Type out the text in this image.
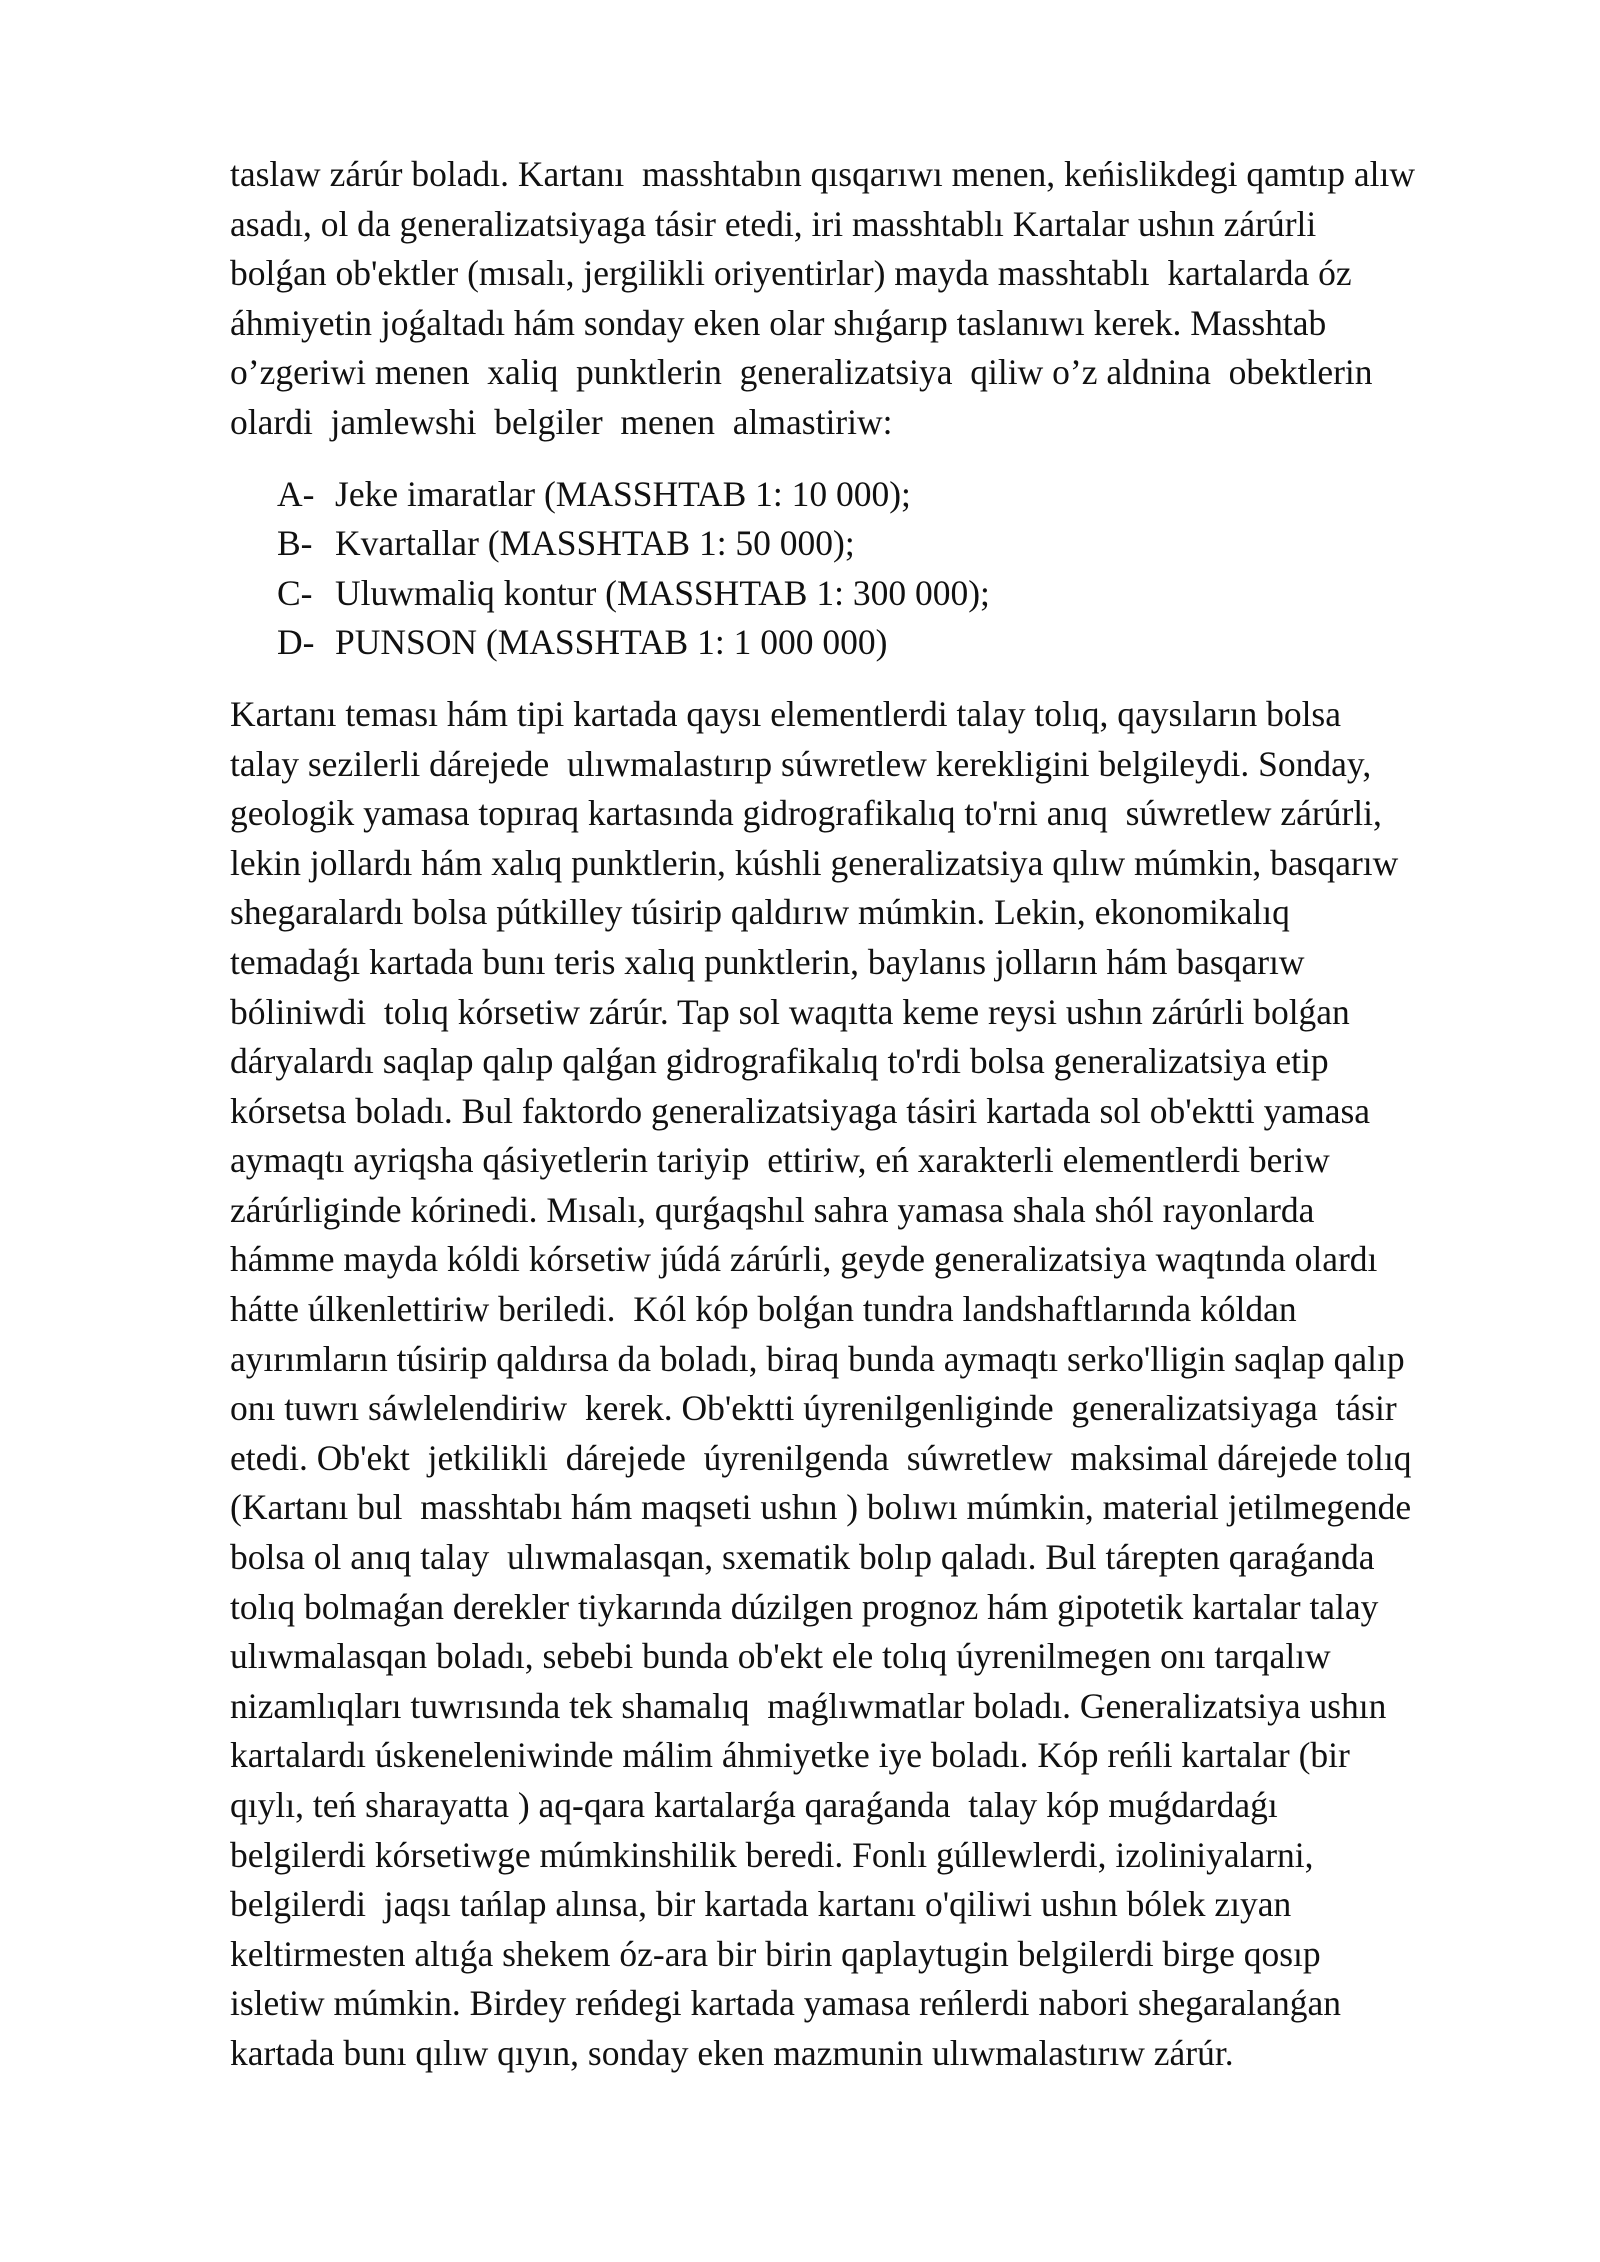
taslaw zárúr boladı. Kartanı  masshtabın qısqarıwı menen, keńislikdegi qamtıp alıw
asadı, ol da generalizatsiyaga tásir etedi, iri masshtablı Kartalar ushın zárúrli
bolǵan ob'ektler (mısalı, jergilikli oriyentirlar) mayda masshtablı  kartalarda óz
áhmiyetin joǵaltadı hám sonday eken olar shıǵarıp taslanıwı kerek. Masshtab
o’zgeriwi menen  xaliq  punktlerin  generalizatsiya  qiliw o’z aldnina  obektlerin
olardi  jamlewshi  belgiler  menen  almastiriw:
A- Jeke imaratlar (MASSHTAB 1: 10 000);
B- Kvartallar (MASSHTAB 1: 50 000);
C- Uluwmaliq kontur (MASSHTAB 1: 300 000);
D- PUNSON (MASSHTAB 1: 1 000 000)
Kartanı teması hám tipi kartada qaysı elementlerdi talay tolıq, qaysıların bolsa
talay sezilerli dárejede  ulıwmalastırıp súwretlew kerekligini belgileydi. Sonday,
geologik yamasa topıraq kartasında gidrografikalıq to'rni anıq  súwretlew zárúrli,
lekin jollardı hám xalıq punktlerin, kúshli generalizatsiya qılıw múmkin, basqarıw
shegaralardı bolsa pútkilley túsirip qaldırıw múmkin. Lekin, ekonomikalıq
temadaǵı kartada bunı teris xalıq punktlerin, baylanıs jolların hám basqarıw
bóliniwdi  tolıq kórsetiw zárúr. Tap sol waqıtta keme reysi ushın zárúrli bolǵan
dáryalardı saqlap qalıp qalǵan gidrografikalıq to'rdi bolsa generalizatsiya etip
kórsetsa boladı. Bul faktordo generalizatsiyaga tásiri kartada sol ob'ektti yamasa
aymaqtı ayriqsha qásiyetlerin tariyip  ettiriw, eń xarakterli elementlerdi beriw
zárúrliginde kórinedi. Mısalı, qurǵaqshıl sahra yamasa shala shól rayonlarda
hámme mayda kóldi kórsetiw júdá zárúrli, geyde generalizatsiya waqtında olardı
hátte úlkenlettiriw beriledi.  Kól kóp bolǵan tundra landshaftlarında kóldan
ayırımların túsirip qaldırsa da boladı, biraq bunda aymaqtı serko'lligin saqlap qalıp
onı tuwrı sáwlelendiriw  kerek. Ob'ektti úyrenilgenliginde  generalizatsiyaga  tásir
etedi. Ob'ekt  jetkilikli  dárejede  úyrenilgenda  súwretlew  maksimal dárejede tolıq
(Kartanı bul  masshtabı hám maqseti ushın ) bolıwı múmkin, material jetilmegende
bolsa ol anıq talay  ulıwmalasqan, sxematik bolıp qaladı. Bul tárepten qaraǵanda
tolıq bolmaǵan derekler tiykarında dúzilgen prognoz hám gipotetik kartalar talay
ulıwmalasqan boladı, sebebi bunda ob'ekt ele tolıq úyrenilmegen onı tarqalıw
nizamlıqları tuwrısında tek shamalıq  maǵlıwmatlar boladı. Generalizatsiya ushın
kartalardı úskeneleniwinde málim áhmiyetke iye boladı. Kóp reńli kartalar (bir
qıylı, teń sharayatta ) aq-qara kartalarǵa qaraǵanda  talay kóp muǵdardaǵı
belgilerdi kórsetiwge múmkinshilik beredi. Fonlı gúllewlerdi, izoliniyalarni,
belgilerdi  jaqsı tańlap alınsa, bir kartada kartanı o'qiliwi ushın bólek zıyan
keltirmesten altıǵa shekem óz-ara bir birin qaplaytugin belgilerdi birge qosıp
isletiw múmkin. Birdey reńdegi kartada yamasa reńlerdi nabori shegaralanǵan
kartada bunı qılıw qıyın, sonday eken mazmunin ulıwmalastırıw zárúr.
